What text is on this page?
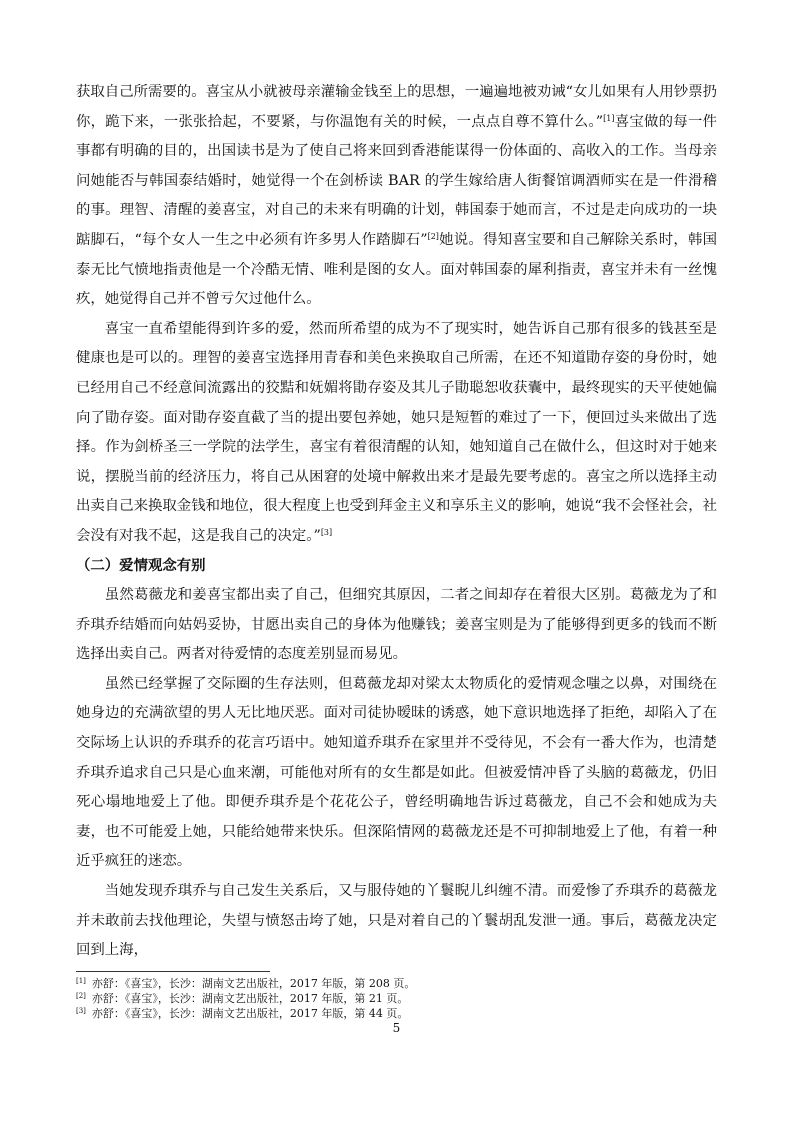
获取自己所需要的。喜宝从小就被母亲灌输金钱至上的思想，一遍遍地被劝诫“女儿如果有人用钞票扔你，跪下来，一张张拾起，不要紧，与你温饱有关的时候，一点点自尊不算什么。”[1]喜宝做的每一件事都有明确的目的，出国读书是为了使自己将来回到香港能谋得一份体面的、高收入的工作。当母亲问她能否与韩国泰结婚时，她觉得一个在剑桥读 BAR 的学生嫁给唐人街餐馆调酒师实在是一件滑稽的事。理智、清醒的姜喜宝，对自己的未来有明确的计划，韩国泰于她而言，不过是走向成功的一块踮脚石，“每个女人一生之中必须有许多男人作踏脚石”[2]她说。得知喜宝要和自己解除关系时，韩国泰无比气愤地指责他是一个冷酷无情、唯利是图的女人。面对韩国泰的犀利指责，喜宝并未有一丝愧疚，她觉得自己并不曾亏欠过他什么。

喜宝一直希望能得到许多的爱，然而所希望的成为不了现实时，她告诉自己那有很多的钱甚至是健康也是可以的。理智的姜喜宝选择用青春和美色来换取自己所需，在还不知道勖存姿的身份时，她已经用自己不经意间流露出的狡黠和妩媚将勖存姿及其儿子勖聪恕收获囊中，最终现实的天平使她偏向了勖存姿。面对勖存姿直截了当的提出要包养她，她只是短暂的难过了一下，便回过头来做出了选择。作为剑桥圣三一学院的法学生，喜宝有着很清醒的认知，她知道自己在做什么，但这时对于她来说，摆脱当前的经济压力，将自己从困窘的处境中解救出来才是最先要考虑的。喜宝之所以选择主动出卖自己来换取金钱和地位，很大程度上也受到拜金主义和享乐主义的影响，她说“我不会怪社会，社会没有对我不起，这是我自己的决定。”[3]

（二）爱情观念有别

虽然葛薇龙和姜喜宝都出卖了自己，但细究其原因，二者之间却存在着很大区别。葛薇龙为了和乔琪乔结婚而向姑妈妥协，甘愿出卖自己的身体为他赚钱；姜喜宝则是为了能够得到更多的钱而不断选择出卖自己。两者对待爱情的态度差别显而易见。

虽然已经掌握了交际圈的生存法则，但葛薇龙却对梁太太物质化的爱情观念嗤之以鼻，对围绕在她身边的充满欲望的男人无比地厌恶。面对司徒协暧昧的诱惑，她下意识地选择了拒绝，却陷入了在交际场上认识的乔琪乔的花言巧语中。她知道乔琪乔在家里并不受待见，不会有一番大作为，也清楚乔琪乔追求自己只是心血来潮，可能他对所有的女生都是如此。但被爱情冲昏了头脑的葛薇龙，仍旧死心塌地地爱上了他。即便乔琪乔是个花花公子，曾经明确地告诉过葛薇龙，自己不会和她成为夫妻，也不可能爱上她，只能给她带来快乐。但深陷情网的葛薇龙还是不可抑制地爱上了他，有着一种近乎疯狂的迷恋。

当她发现乔琪乔与自己发生关系后，又与服侍她的丫鬟睨儿纠缠不清。而爱惨了乔琪乔的葛薇龙并未敢前去找他理论，失望与愤怒击垮了她，只是对着自己的丫鬟胡乱发泄一通。事后，葛薇龙决定回到上海，

[1] 亦舒：《喜宝》，长沙：湖南文艺出版社，2017 年版，第 208 页。
[2] 亦舒：《喜宝》，长沙：湖南文艺出版社，2017 年版，第 21 页。
[3] 亦舒：《喜宝》，长沙：湖南文艺出版社，2017 年版，第 44 页。
5
